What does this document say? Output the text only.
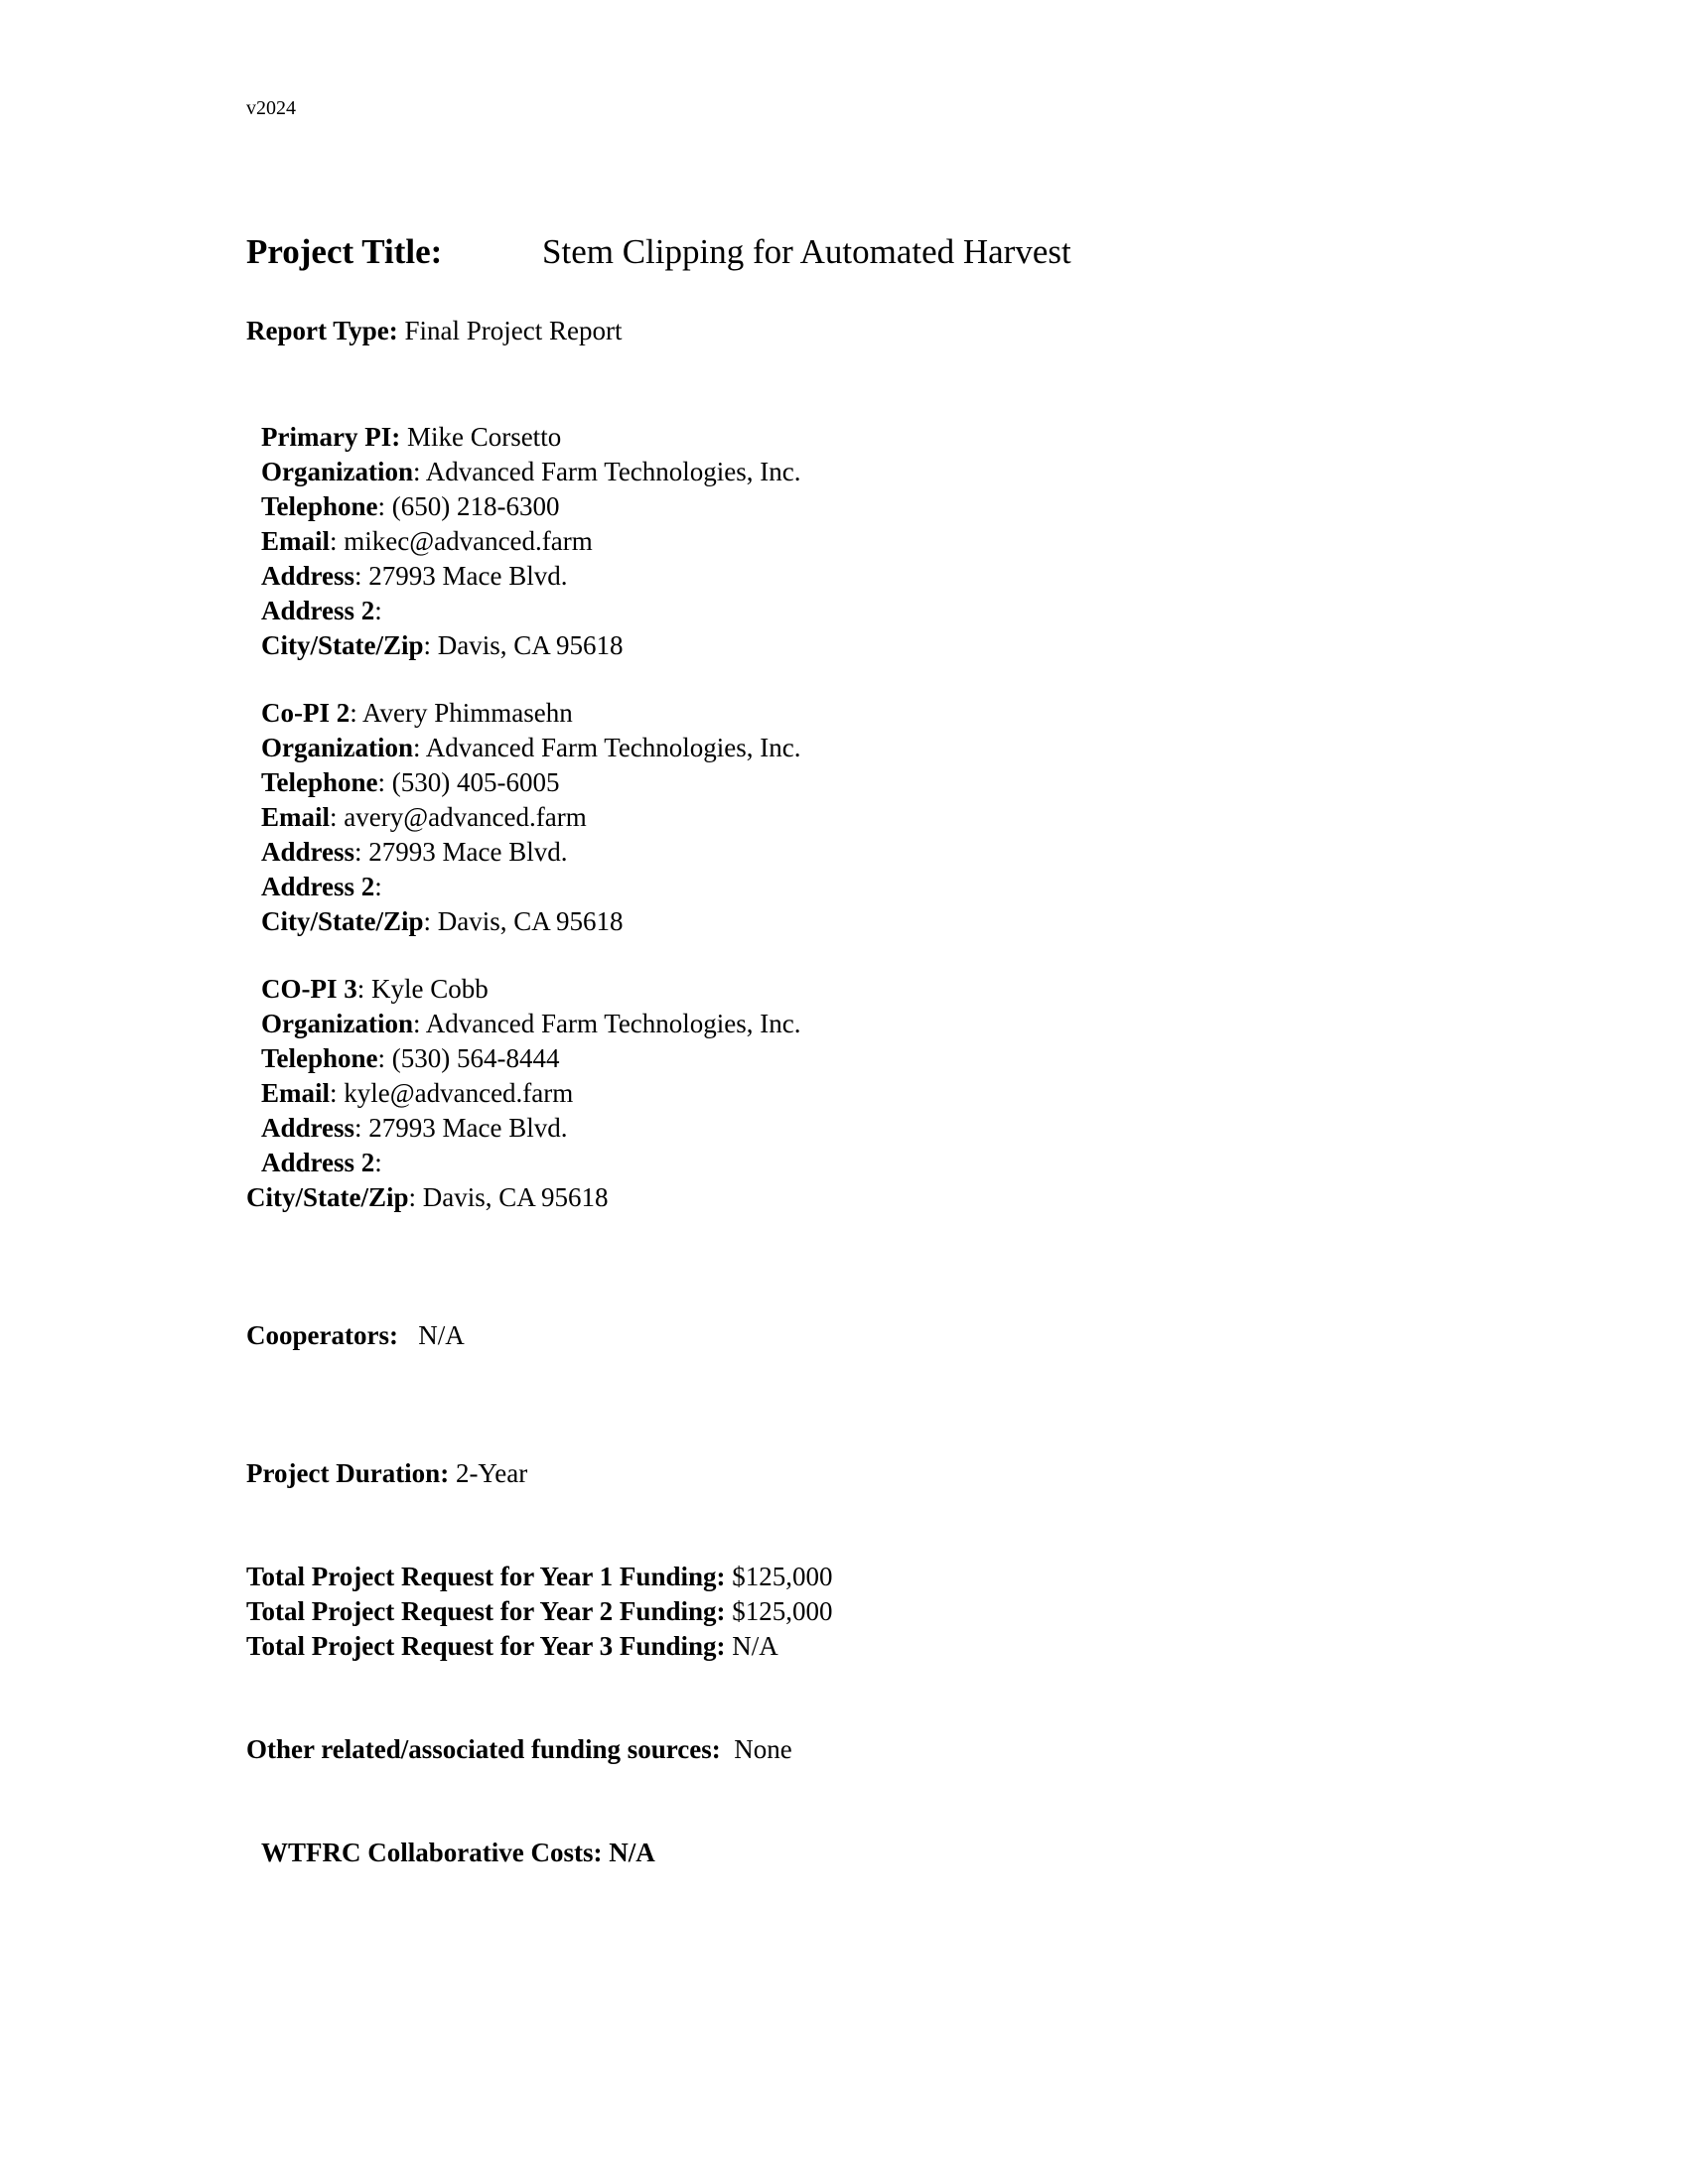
v2024
Project Title:	Stem Clipping for Automated Harvest
Report Type: Final Project Report
Primary PI: Mike Corsetto
Organization: Advanced Farm Technologies, Inc.
Telephone: (650) 218-6300
Email: mikec@advanced.farm
Address: 27993 Mace Blvd.
Address 2:
City/State/Zip: Davis, CA 95618
Co-PI 2: Avery Phimmasehn
Organization: Advanced Farm Technologies, Inc.
Telephone: (530) 405-6005
Email: avery@advanced.farm
Address: 27993 Mace Blvd.
Address 2:
City/State/Zip: Davis, CA 95618
CO-PI 3: Kyle Cobb
Organization: Advanced Farm Technologies, Inc.
Telephone: (530) 564-8444
Email: kyle@advanced.farm
Address: 27993 Mace Blvd.
Address 2:
City/State/Zip: Davis, CA 95618
Cooperators:   N/A
Project Duration: 2-Year
Total Project Request for Year 1 Funding: $125,000
Total Project Request for Year 2 Funding: $125,000
Total Project Request for Year 3 Funding: N/A
Other related/associated funding sources:  None
WTFRC Collaborative Costs: N/A
